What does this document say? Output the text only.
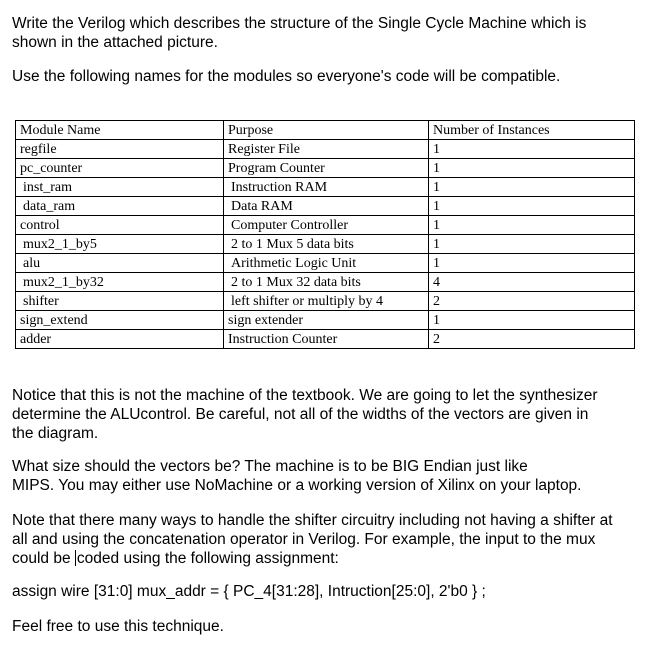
Write the Verilog which describes the structure of the Single Cycle Machine which is
shown in the attached picture.

Use the following names for the modules so everyone's code will be compatible.

Module Name	Purpose	Number of Instances
regfile	Register File	1
pc_counter	Program Counter	1
inst_ram	Instruction RAM	1
data_ram	Data RAM	1
control	Computer Controller	1
mux2_1_by5	2 to 1 Mux 5 data bits	1
alu	Arithmetic Logic Unit	1
mux2_1_by32	2 to 1 Mux 32 data bits	4
shifter	left shifter or multiply by 4	2
sign_extend	sign extender	1
adder	Instruction Counter	2

Notice that this is not the machine of the textbook. We are going to let the synthesizer
determine the ALUcontrol. Be careful, not all of the widths of the vectors are given in
the diagram.

What size should the vectors be? The machine is to be BIG Endian just like
MIPS. You may either use NoMachine or a working version of Xilinx on your laptop.

Note that there many ways to handle the shifter circuitry including not having a shifter at
all and using the concatenation operator in Verilog. For example, the input to the mux
could be coded using the following assignment:

assign wire [31:0] mux_addr = { PC_4[31:28], Intruction[25:0], 2'b0 } ;

Feel free to use this technique.
